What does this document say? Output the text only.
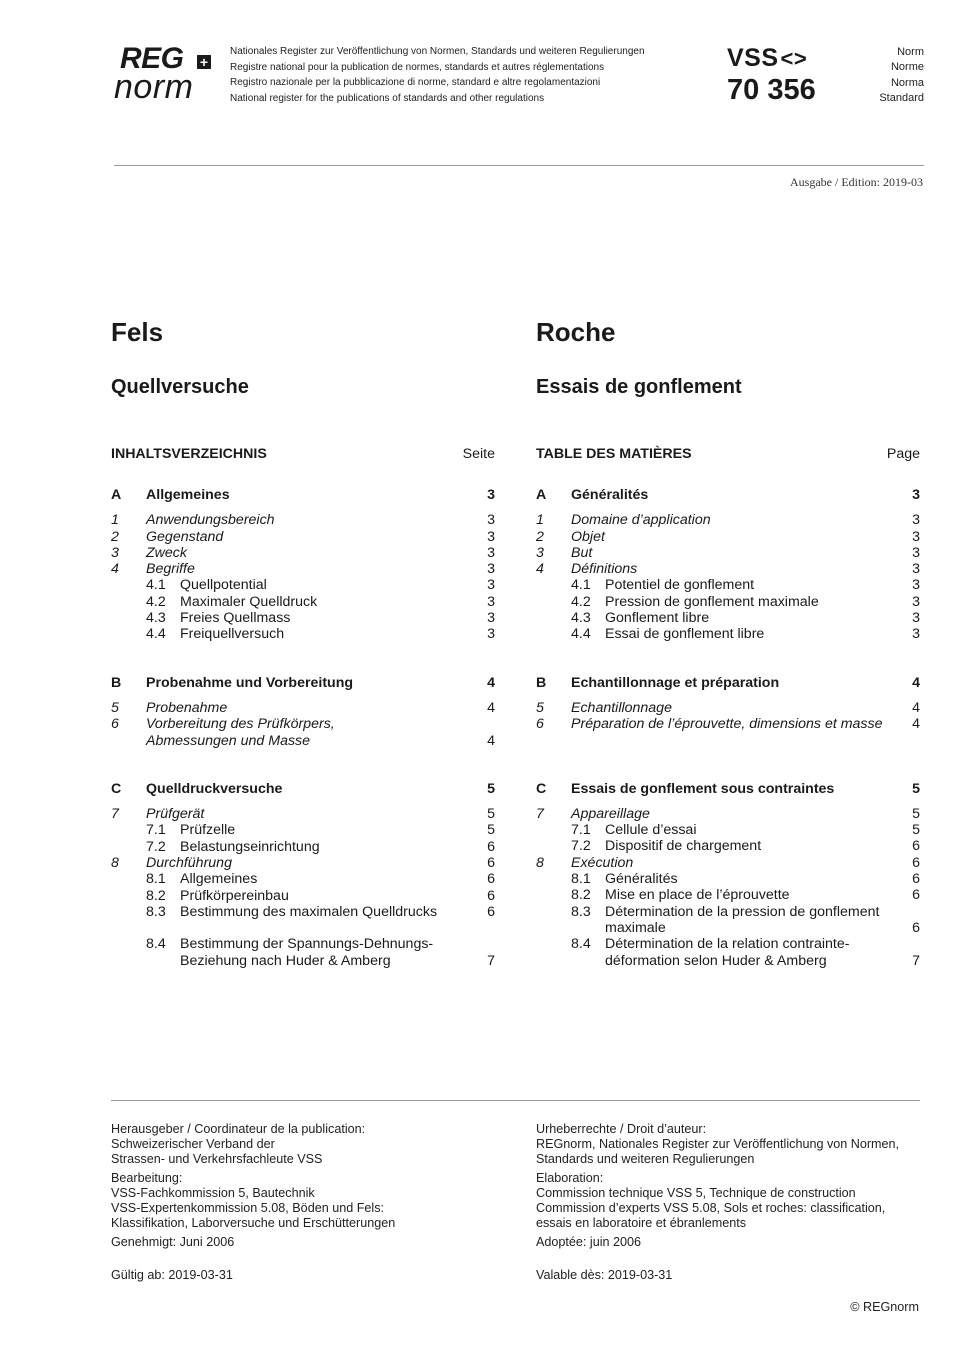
REG +
norm
Nationales Register zur Veröffentlichung von Normen, Standards und weiteren Regulierungen
Registre national pour la publication de normes, standards et autres réglementations
Registro nazionale per la pubblicazione di norme, standard e altre regolamentazioni
National register for the publications of standards and other regulations
VSS<>
70 356
Norm
Norme
Norma
Standard
Ausgabe / Edition: 2019-03
Fels	Roche
Quellversuche	Essais de gonflement
INHALTSVERZEICHNIS	Seite
A	Allgemeines	3
1	Anwendungsbereich	3
2	Gegenstand	3
3	Zweck	3
4	Begriffe	3
4.1	Quellpotential	3
4.2	Maximaler Quelldruck	3
4.3	Freies Quellmass	3
4.4	Freiquellversuch	3
B	Probenahme und Vorbereitung	4
5	Probenahme	4
6	Vorbereitung des Prüfkörpers, Abmessungen und Masse	4
C	Quelldruckversuche	5
7	Prüfgerät	5
7.1	Prüfzelle	5
7.2	Belastungseinrichtung	6
8	Durchführung	6
8.1	Allgemeines	6
8.2	Prüfkörpereinbau	6
8.3	Bestimmung des maximalen Quelldrucks	6
8.4	Bestimmung der Spannungs-Dehnungs-Beziehung nach Huder & Amberg	7
TABLE DES MATIÈRES	Page
A	Généralités	3
1	Domaine d’application	3
2	Objet	3
3	But	3
4	Définitions	3
4.1	Potentiel de gonflement	3
4.2	Pression de gonflement maximale	3
4.3	Gonflement libre	3
4.4	Essai de gonflement libre	3
B	Echantillonnage et préparation	4
5	Echantillonnage	4
6	Préparation de l’éprouvette, dimensions et masse	4
C	Essais de gonflement sous contraintes	5
7	Appareillage	5
7.1	Cellule d’essai	5
7.2	Dispositif de chargement	6
8	Exécution	6
8.1	Généralités	6
8.2	Mise en place de l’éprouvette	6
8.3	Détermination de la pression de gonflement maximale	6
8.4	Détermination de la relation contrainte-déformation selon Huder & Amberg	7
Herausgeber / Coordinateur de la publication:
Schweizerischer Verband der
Strassen- und Verkehrsfachleute VSS
Bearbeitung:
VSS-Fachkommission 5, Bautechnik
VSS-Expertenkommission 5.08, Böden und Fels:
Klassifikation, Laborversuche und Erschütterungen
Genehmigt: Juni 2006
Urheberrechte / Droit d’auteur:
REGnorm, Nationales Register zur Veröffentlichung von Normen,
Standards und weiteren Regulierungen
Elaboration:
Commission technique VSS 5, Technique de construction
Commission d’experts VSS 5.08, Sols et roches: classification,
essais en laboratoire et ébranlements
Adoptée: juin 2006
Gültig ab: 2019-03-31	Valable dès: 2019-03-31
© REGnorm
